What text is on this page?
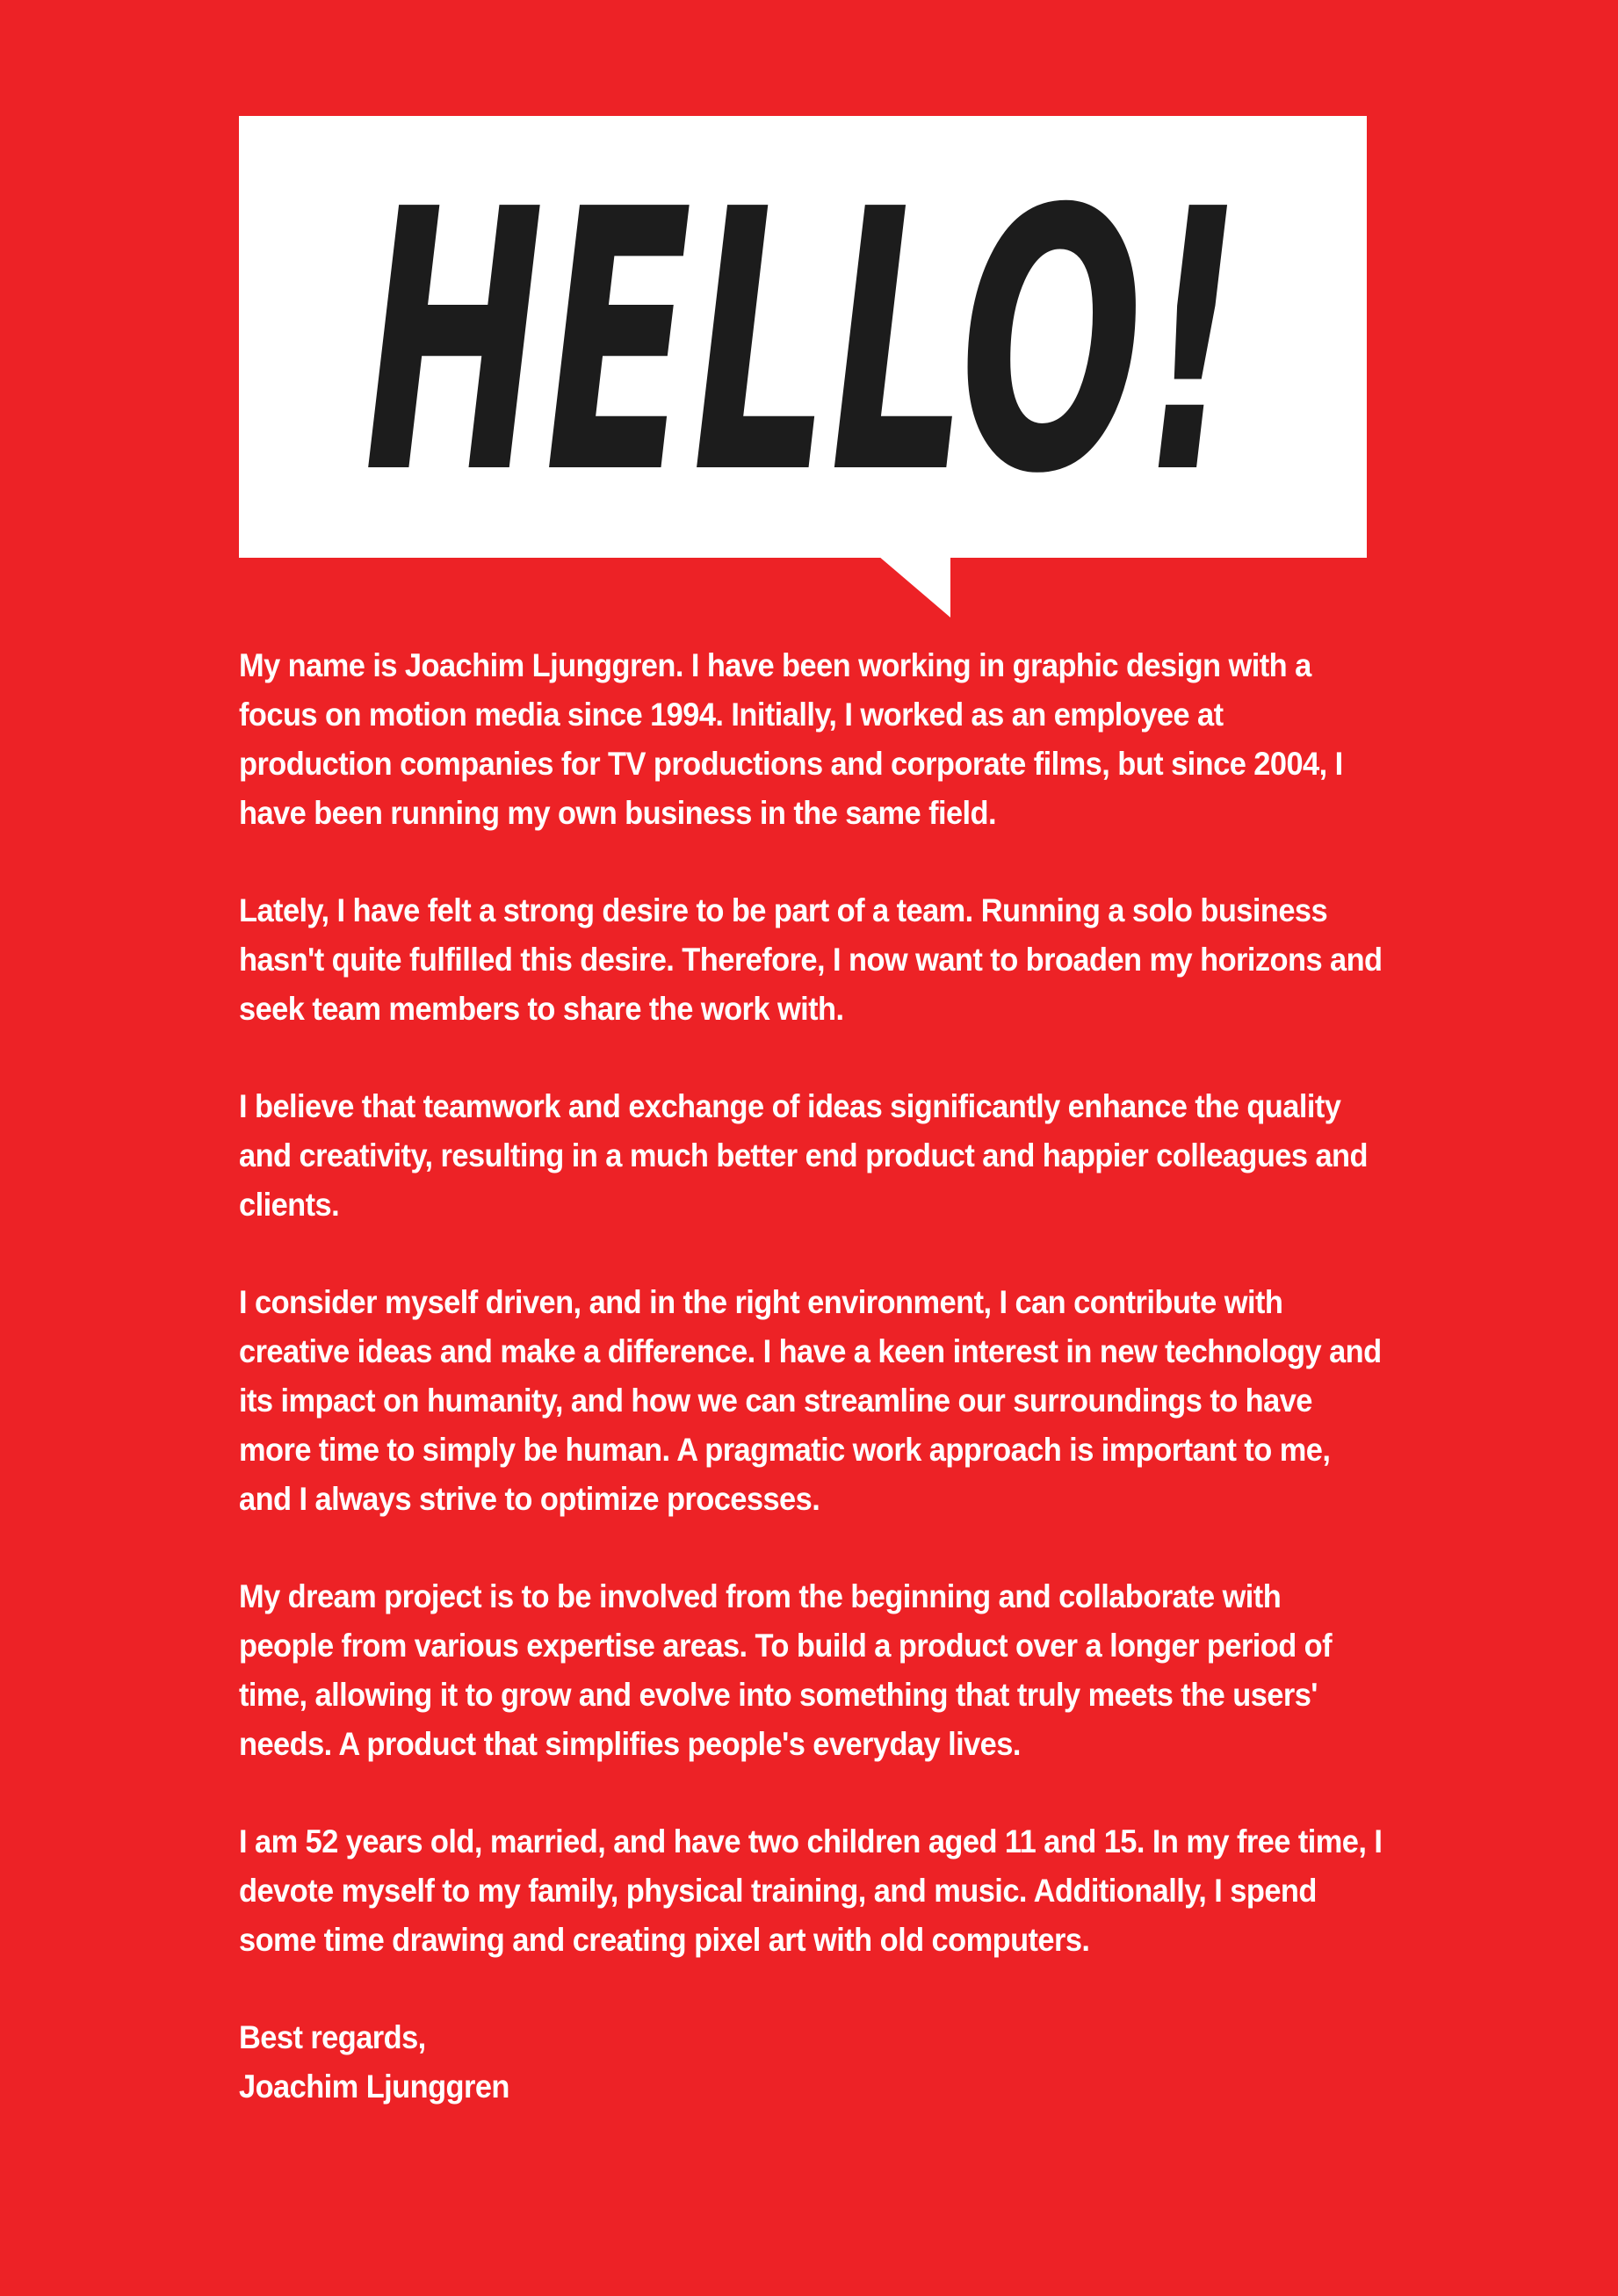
HELLO!

My name is Joachim Ljunggren. I have been working in graphic design with a focus on motion media since 1994. Initially, I worked as an employee at production companies for TV productions and corporate films, but since 2004, I have been running my own business in the same field.

Lately, I have felt a strong desire to be part of a team. Running a solo business hasn't quite fulfilled this desire. Therefore, I now want to broaden my horizons and seek team members to share the work with.

I believe that teamwork and exchange of ideas significantly enhance the quality and creativity, resulting in a much better end product and happier colleagues and clients.

I consider myself driven, and in the right environment, I can contribute with creative ideas and make a difference. I have a keen interest in new technology and its impact on humanity, and how we can streamline our surroundings to have more time to simply be human. A pragmatic work approach is important to me, and I always strive to optimize processes.

My dream project is to be involved from the beginning and collaborate with people from various expertise areas. To build a product over a longer period of time, allowing it to grow and evolve into something that truly meets the users' needs. A product that simplifies people's everyday lives.

I am 52 years old, married, and have two children aged 11 and 15. In my free time, I devote myself to my family, physical training, and music. Additionally, I spend some time drawing and creating pixel art with old computers.

Best regards,
Joachim Ljunggren
